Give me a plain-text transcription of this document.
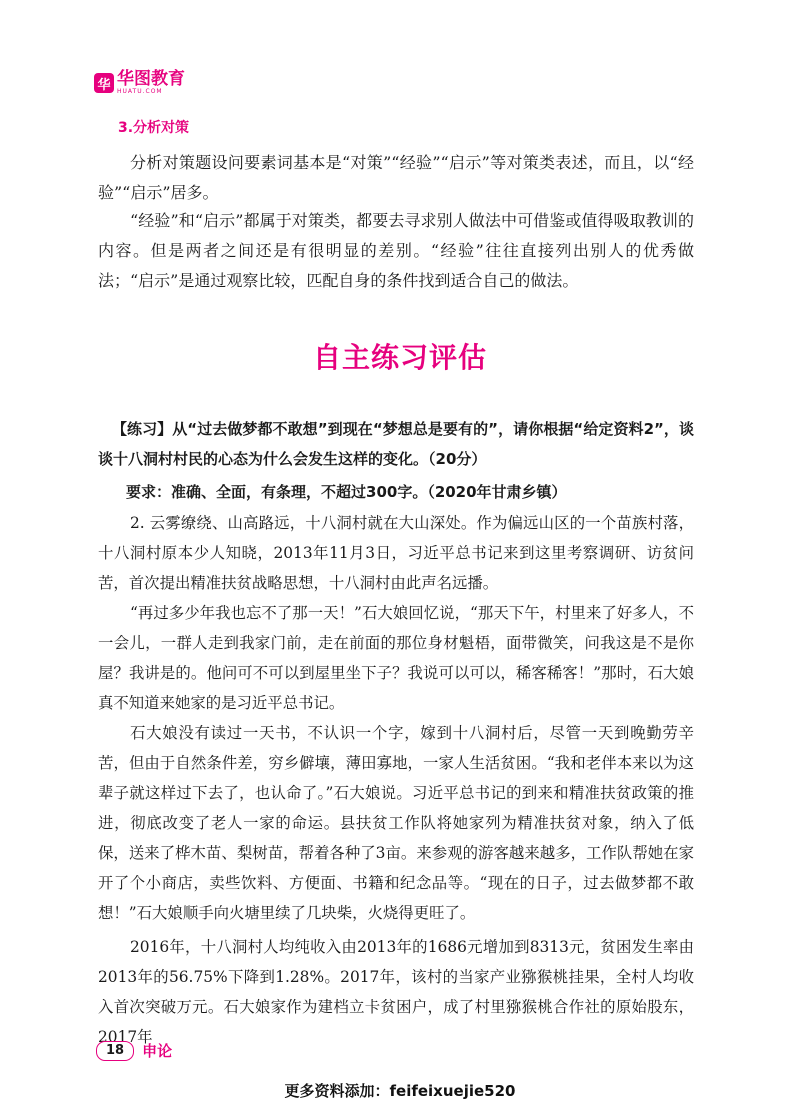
华 华图教育
HUATU.COM
3.分析对策

分析对策题设问要素词基本是“对策”“经验”“启示”等对策类表述，而且，以“经验”“启示”居多。

“经验”和“启示”都属于对策类，都要去寻求别人做法中可借鉴或值得吸取教训的内容。但是两者之间还是有很明显的差别。“经验”往往直接列出别人的优秀做法；“启示”是通过观察比较，匹配自身的条件找到适合自己的做法。

自主练习评估
【练习】从“过去做梦都不敢想”到现在“梦想总是要有的”，请你根据“给定资料2”，谈谈十八洞村村民的心态为什么会发生这样的变化。（20分）
要求：准确、全面，有条理，不超过300字。（2020年甘肃乡镇）

2. 云雾缭绕、山高路远，十八洞村就在大山深处。作为偏远山区的一个苗族村落，十八洞村原本少人知晓，2013年11月3日，习近平总书记来到这里考察调研、访贫问苦，首次提出精准扶贫战略思想，十八洞村由此声名远播。

“再过多少年我也忘不了那一天！”石大娘回忆说，“那天下午，村里来了好多人，不一会儿，一群人走到我家门前，走在前面的那位身材魁梧，面带微笑，问我这是不是你屋？我讲是的。他问可不可以到屋里坐下子？我说可以可以，稀客稀客！”那时，石大娘真不知道来她家的是习近平总书记。

石大娘没有读过一天书，不认识一个字，嫁到十八洞村后，尽管一天到晚勤劳辛苦，但由于自然条件差，穷乡僻壤，薄田寡地，一家人生活贫困。“我和老伴本来以为这辈子就这样过下去了，也认命了。”石大娘说。习近平总书记的到来和精准扶贫政策的推进，彻底改变了老人一家的命运。县扶贫工作队将她家列为精准扶贫对象，纳入了低保，送来了桦木苗、梨树苗，帮着各种了3亩。来参观的游客越来越多，工作队帮她在家开了个小商店，卖些饮料、方便面、书籍和纪念品等。“现在的日子，过去做梦都不敢想！”石大娘顺手向火塘里续了几块柴，火烧得更旺了。

2016年，十八洞村人均纯收入由2013年的1686元增加到8313元，贫困发生率由2013年的56.75%下降到1.28%。2017年，该村的当家产业猕猴桃挂果，全村人均收入首次突破万元。石大娘家作为建档立卡贫困户，成了村里猕猴桃合作社的原始股东，2017年

18	申论
更多资料添加：feifeixuejie520
